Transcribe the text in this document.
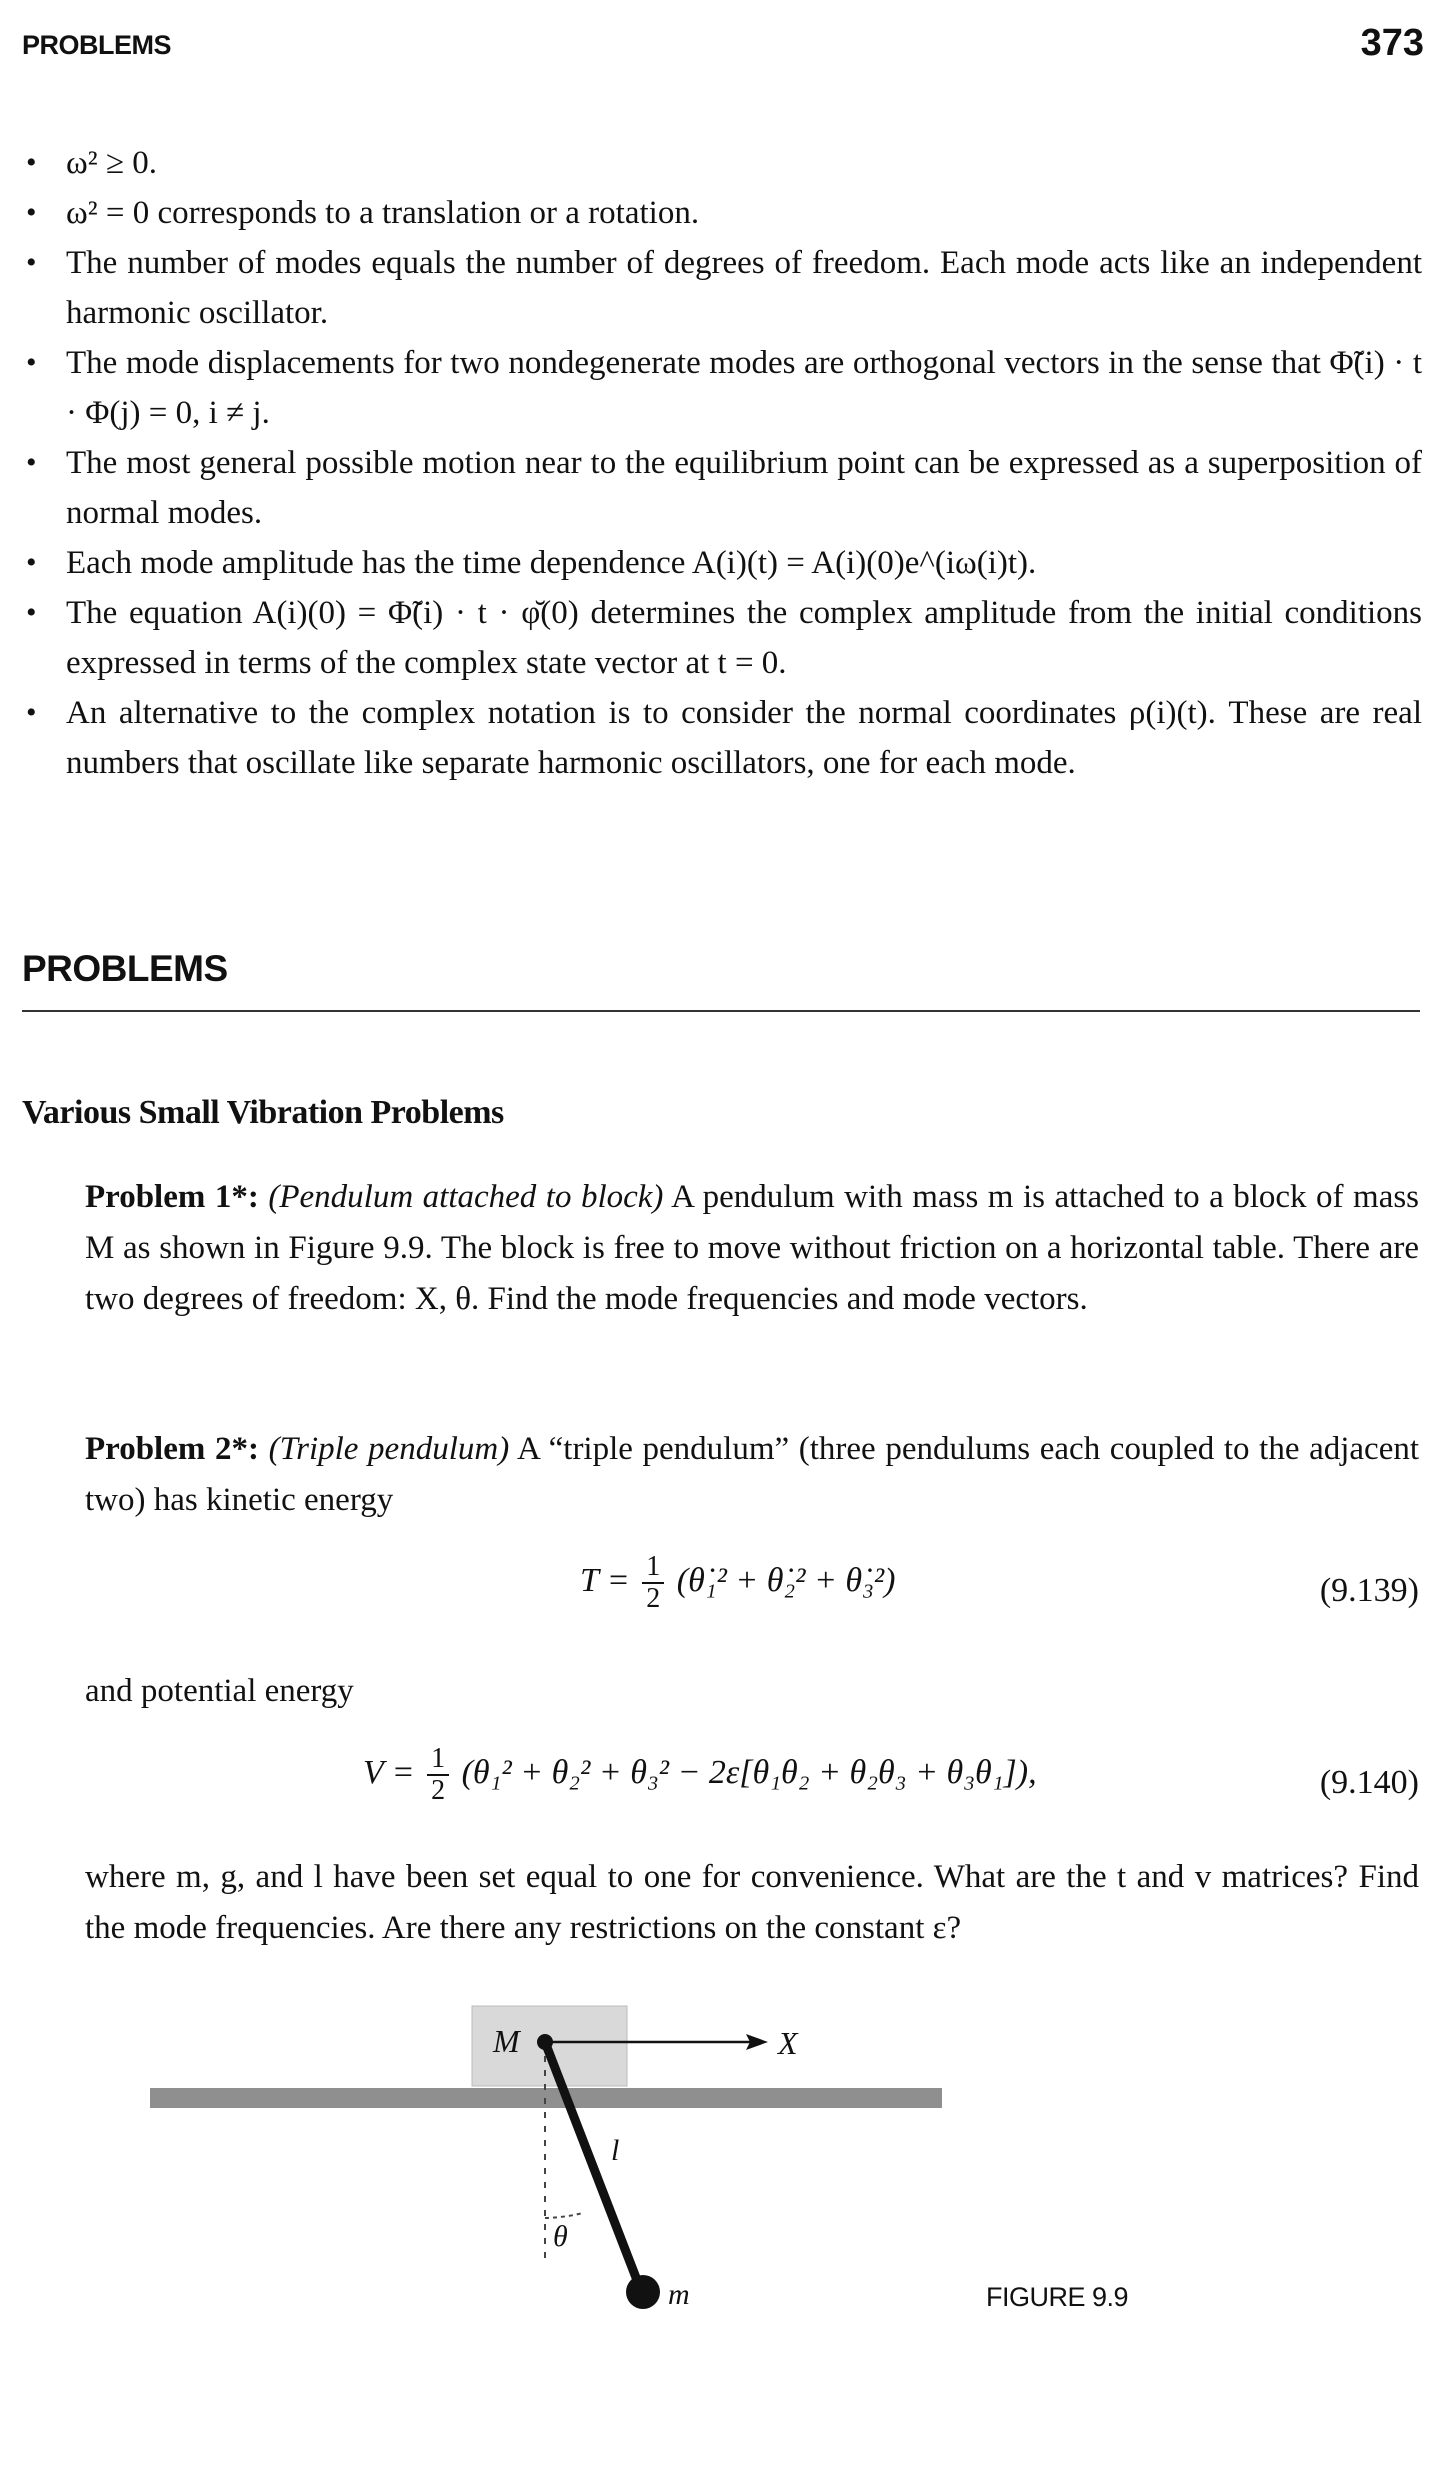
PROBLEMS	373
• ω² ≥ 0.
• ω² = 0 corresponds to a translation or a rotation.
• The number of modes equals the number of degrees of freedom. Each mode acts like an independent harmonic oscillator.
• The mode displacements for two nondegenerate modes are orthogonal vectors in the sense that Φ̃(i) · t · Φ(j) = 0, i ≠ j.
• The most general possible motion near to the equilibrium point can be expressed as a superposition of normal modes.
• Each mode amplitude has the time dependence A(i)(t) = A(i)(0)e^(iω(i)t).
• The equation A(i)(0) = Φ̃(i) · t · φ̆(0) determines the complex amplitude from the initial conditions expressed in terms of the complex state vector at t = 0.
• An alternative to the complex notation is to consider the normal coordinates ρ(i)(t). These are real numbers that oscillate like separate harmonic oscillators, one for each mode.
PROBLEMS
Various Small Vibration Problems

Problem 1*: (Pendulum attached to block) A pendulum with mass m is attached to a block of mass M as shown in Figure 9.9. The block is free to move without friction on a horizontal table. There are two degrees of freedom: X, θ. Find the mode frequencies and mode vectors.

Problem 2*: (Triple pendulum) A “triple pendulum” (three pendulums each coupled to the adjacent two) has kinetic energy

$T = \frac{1}{2}$ (θ̇₁² + θ̇₂² + θ̇₃²)	(9.139)

and potential energy

$V = \frac{1}{2} (\theta_1^2 + \theta_2^2 + \theta_3^2 - 2\varepsilon[\theta_1\theta_2 + \theta_2\theta_3 + \theta_3\theta_1])$,	(9.140)

where m, g, and l have been set equal to one for convenience. What are the t and v matrices? Find the mode frequencies. Are there any restrictions on the constant ε?

M	X
l
θ
m	FIGURE 9.9
